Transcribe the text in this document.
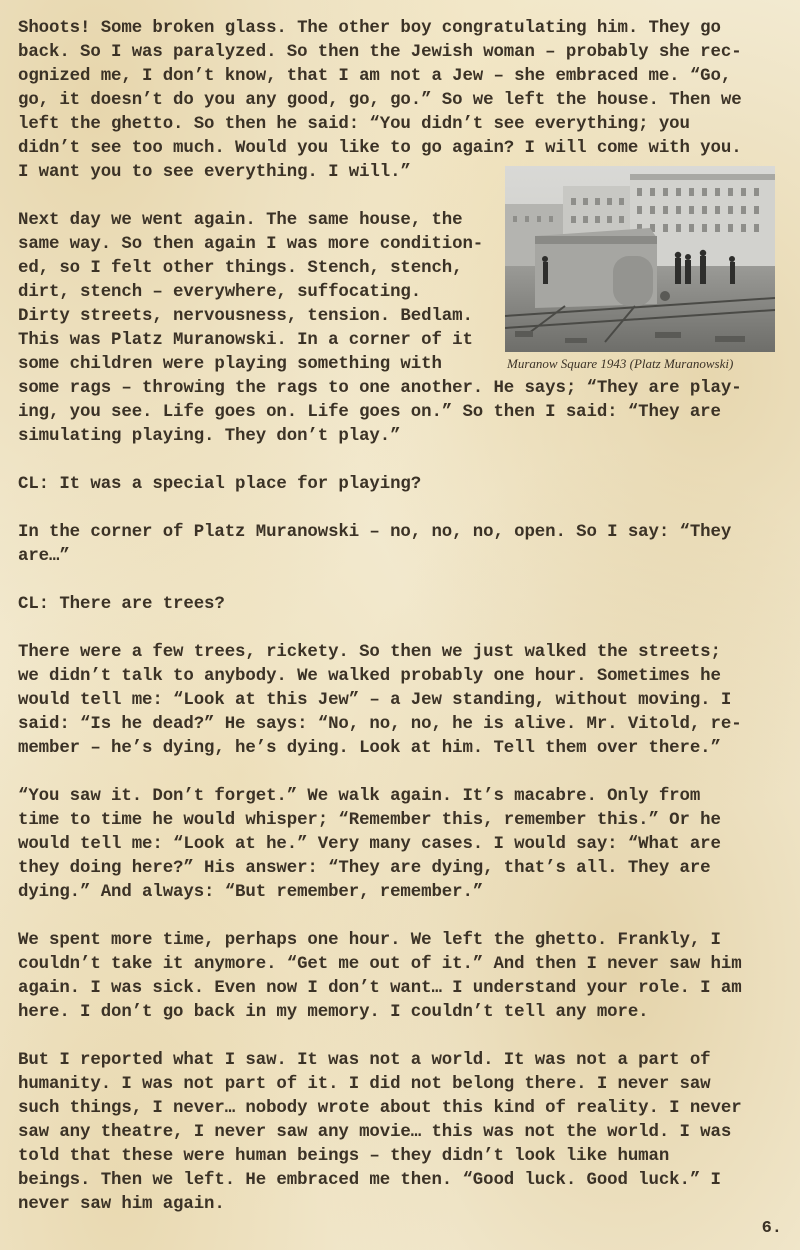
Shoots! Some broken glass. The other boy congratulating him. They go
back. So I was paralyzed. So then the Jewish woman – probably she rec-
ognized me, I don’t know, that I am not a Jew – she embraced me. “Go,
go, it doesn’t do you any good, go, go.” So we left the house. Then we
left the ghetto. So then he said: “You didn’t see everything; you
didn’t see too much. Would you like to go again? I will come with you.
I want you to see everything. I will.”
Next day we went again. The same house, the
same way. So then again I was more condition-
ed, so I felt other things. Stench, stench,
dirt, stench – everywhere, suffocating.
Dirty streets, nervousness, tension. Bedlam.
This was Platz Muranowski. In a corner of it
some children were playing something with
some rags – throwing the rags to one another. He says; “They are play-
ing, you see. Life goes on. Life goes on.” So then I said: “They are
simulating playing. They don’t play.”
CL: It was a special place for playing?
In the corner of Platz Muranowski – no, no, no, open. So I say: “They
are…”
CL: There are trees?
There were a few trees, rickety. So then we just walked the streets;
we didn’t talk to anybody. We walked probably one hour. Sometimes he
would tell me: “Look at this Jew” – a Jew standing, without moving. I
said: “Is he dead?” He says: “No, no, no, he is alive. Mr. Vitold, re-
member – he’s dying, he’s dying. Look at him. Tell them over there.”
“You saw it. Don’t forget.” We walk again. It’s macabre. Only from
time to time he would whisper; “Remember this, remember this.” Or he
would tell me: “Look at he.” Very many cases. I would say: “What are
they doing here?” His answer: “They are dying, that’s all. They are
dying.” And always: “But remember, remember.”
We spent more time, perhaps one hour. We left the ghetto. Frankly, I
couldn’t take it anymore. “Get me out of it.” And then I never saw him
again. I was sick. Even now I don’t want… I understand your role. I am
here. I don’t go back in my memory. I couldn’t tell any more.
But I reported what I saw. It was not a world. It was not a part of
humanity. I was not part of it. I did not belong there. I never saw
such things, I never… nobody wrote about this kind of reality. I never
saw any theatre, I never saw any movie… this was not the world. I was
told that these were human beings – they didn’t look like human
beings. Then we left. He embraced me then. “Good luck. Good luck.” I
never saw him again.
Muranow Square 1943 (Platz Muranowski)
6.
